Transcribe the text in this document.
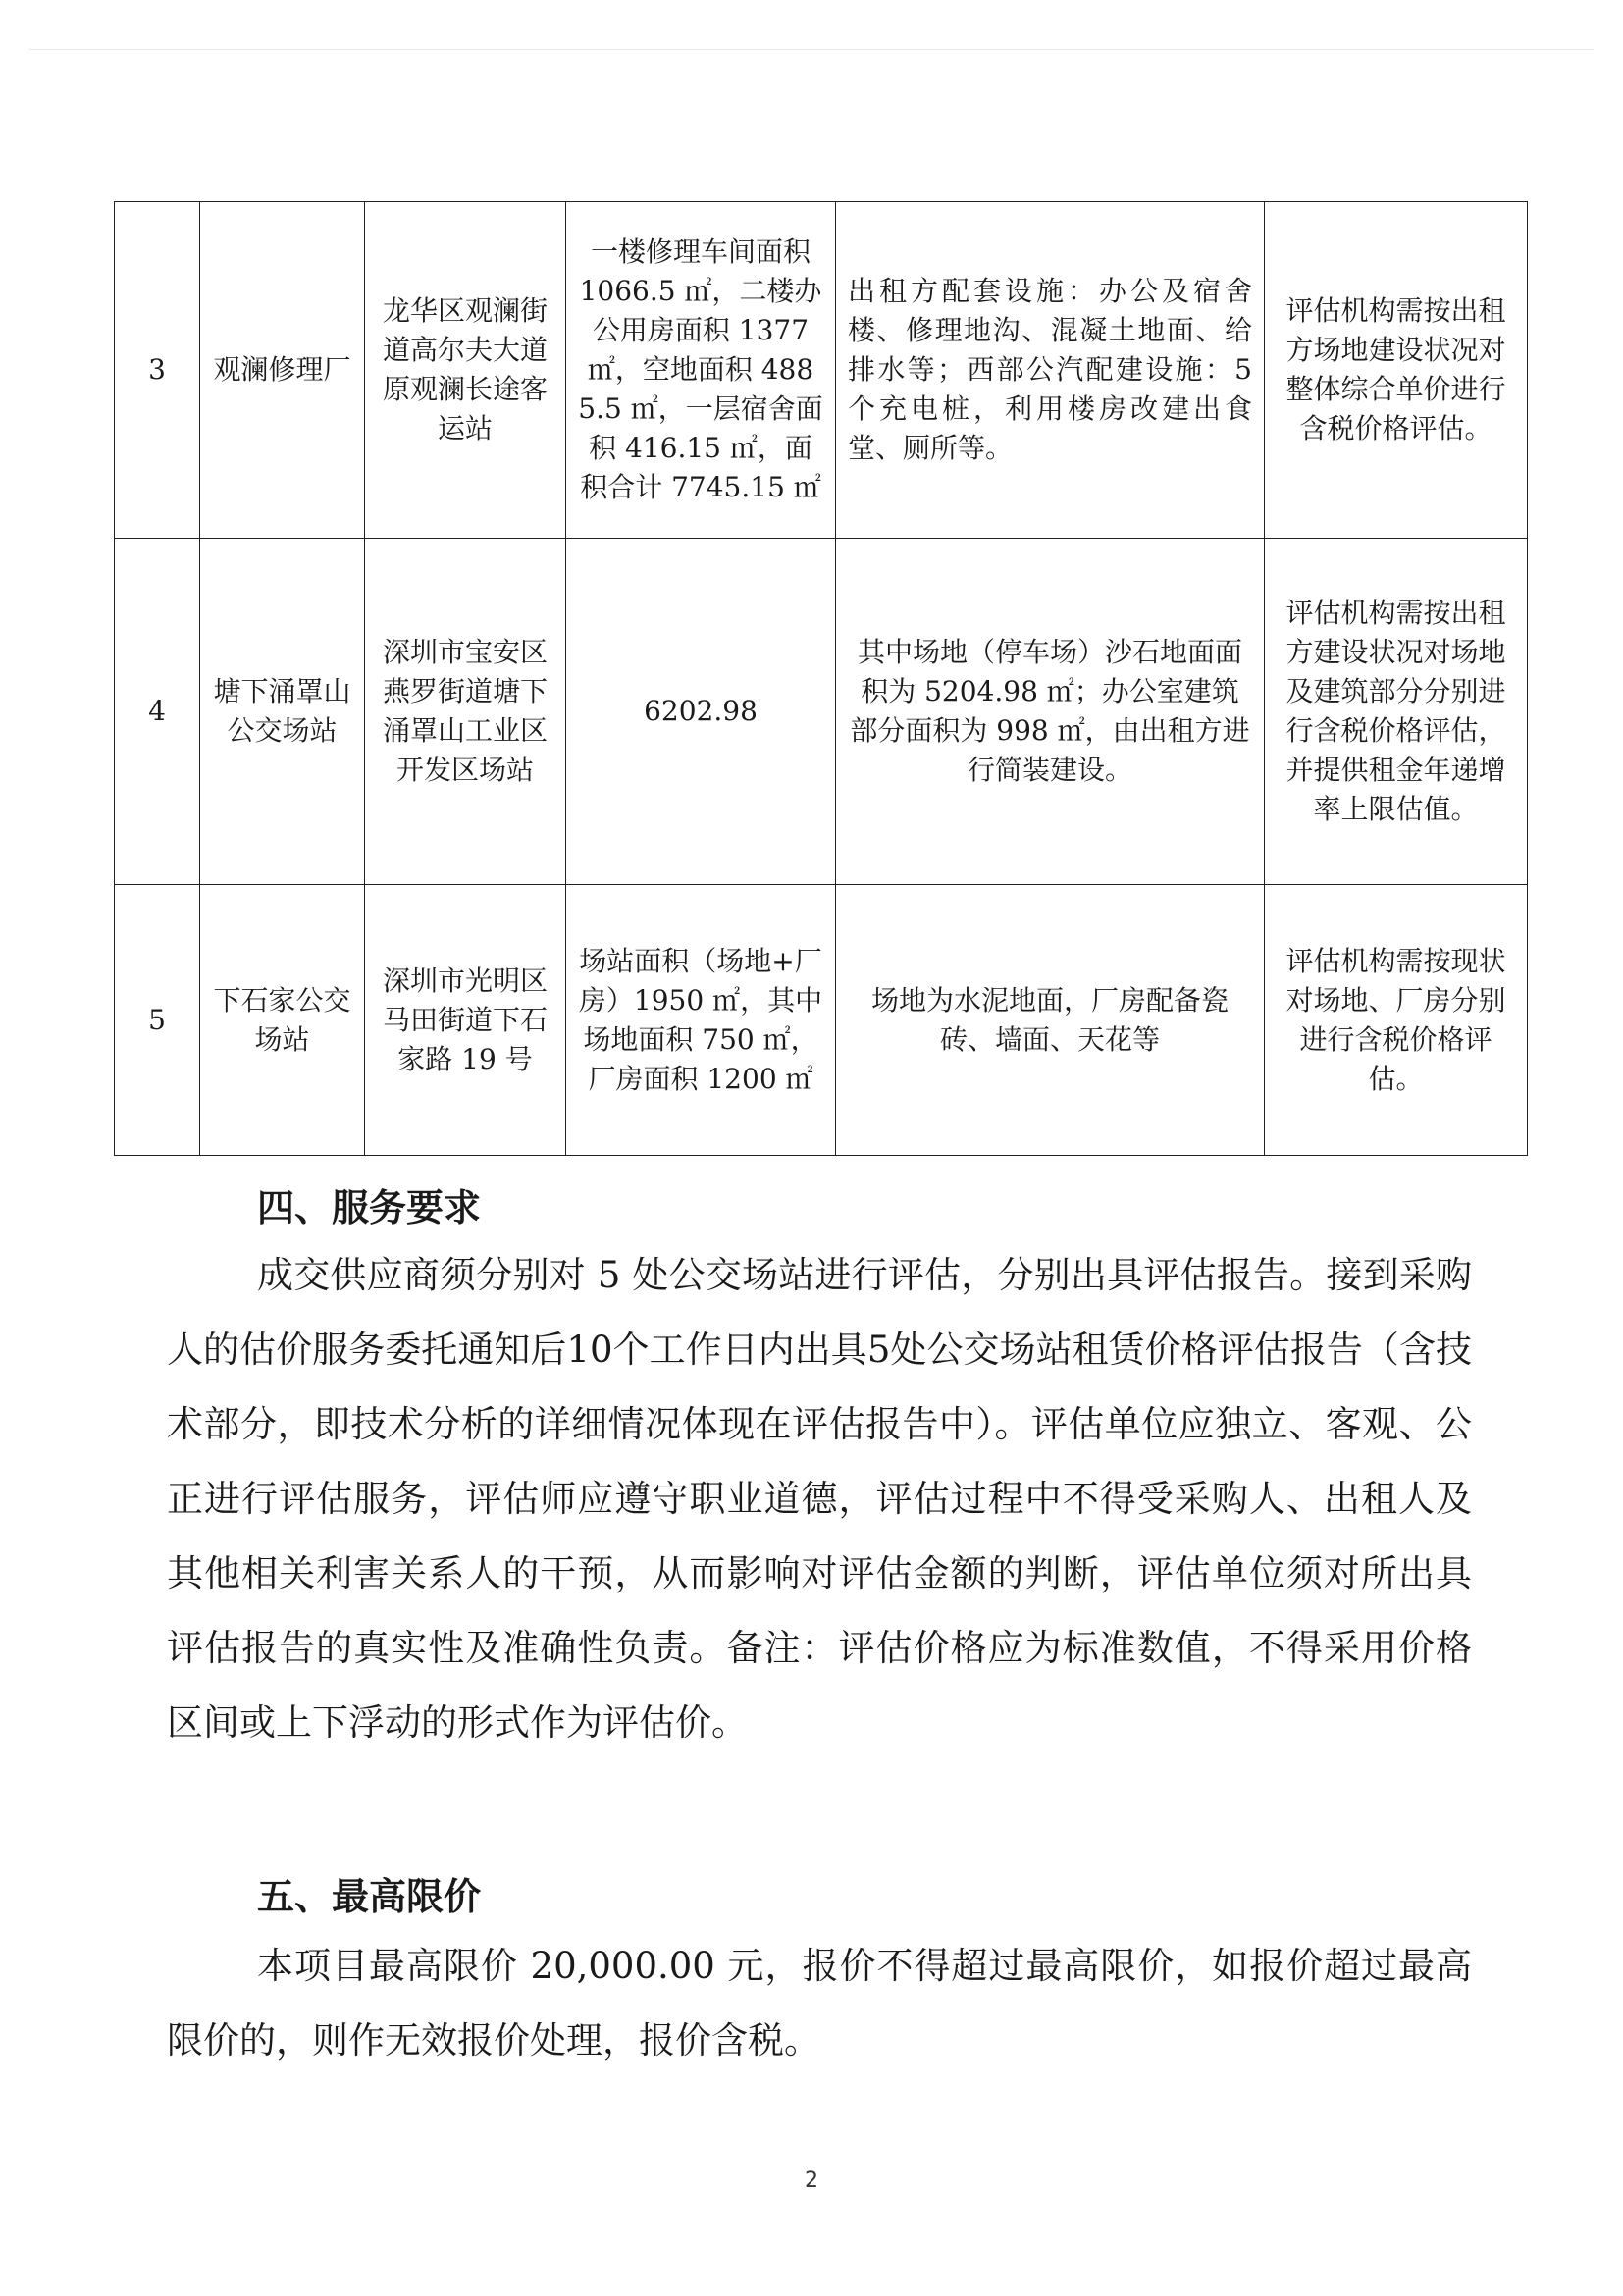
3	观澜修理厂	龙华区观澜街道高尔夫大道原观澜长途客运站	一楼修理车间面积 1066.5 ㎡，二楼办公用房面积 1377 ㎡，空地面积 4885.5 ㎡，一层宿舍面积 416.15 ㎡，面积合计 7745.15 ㎡	出租方配套设施：办公及宿舍楼、修理地沟、混凝土地面、给排水等；西部公汽配建设施：5 个充电桩，利用楼房改建出食堂、厕所等。	评估机构需按出租方场地建设状况对整体综合单价进行含税价格评估。
4	塘下涌罩山公交场站	深圳市宝安区燕罗街道塘下涌罩山工业区开发区场站	6202.98	其中场地（停车场）沙石地面面积为 5204.98 ㎡；办公室建筑部分面积为 998 ㎡，由出租方进行简装建设。	评估机构需按出租方建设状况对场地及建筑部分分别进行含税价格评估，并提供租金年递增率上限估值。
5	下石家公交场站	深圳市光明区马田街道下石家路 19 号	场站面积（场地+厂房）1950 ㎡，其中场地面积 750 ㎡，厂房面积 1200 ㎡	场地为水泥地面，厂房配备瓷砖、墙面、天花等	评估机构需按现状对场地、厂房分别进行含税价格评估。
四、服务要求
成交供应商须分别对 5 处公交场站进行评估，分别出具评估报告。接到采购人的估价服务委托通知后10个工作日内出具5处公交场站租赁价格评估报告（含技术部分，即技术分析的详细情况体现在评估报告中）。评估单位应独立、客观、公正进行评估服务，评估师应遵守职业道德，评估过程中不得受采购人、出租人及其他相关利害关系人的干预，从而影响对评估金额的判断，评估单位须对所出具评估报告的真实性及准确性负责。备注：评估价格应为标准数值，不得采用价格区间或上下浮动的形式作为评估价。
五、最高限价
本项目最高限价 20,000.00 元，报价不得超过最高限价，如报价超过最高限价的，则作无效报价处理，报价含税。
2
